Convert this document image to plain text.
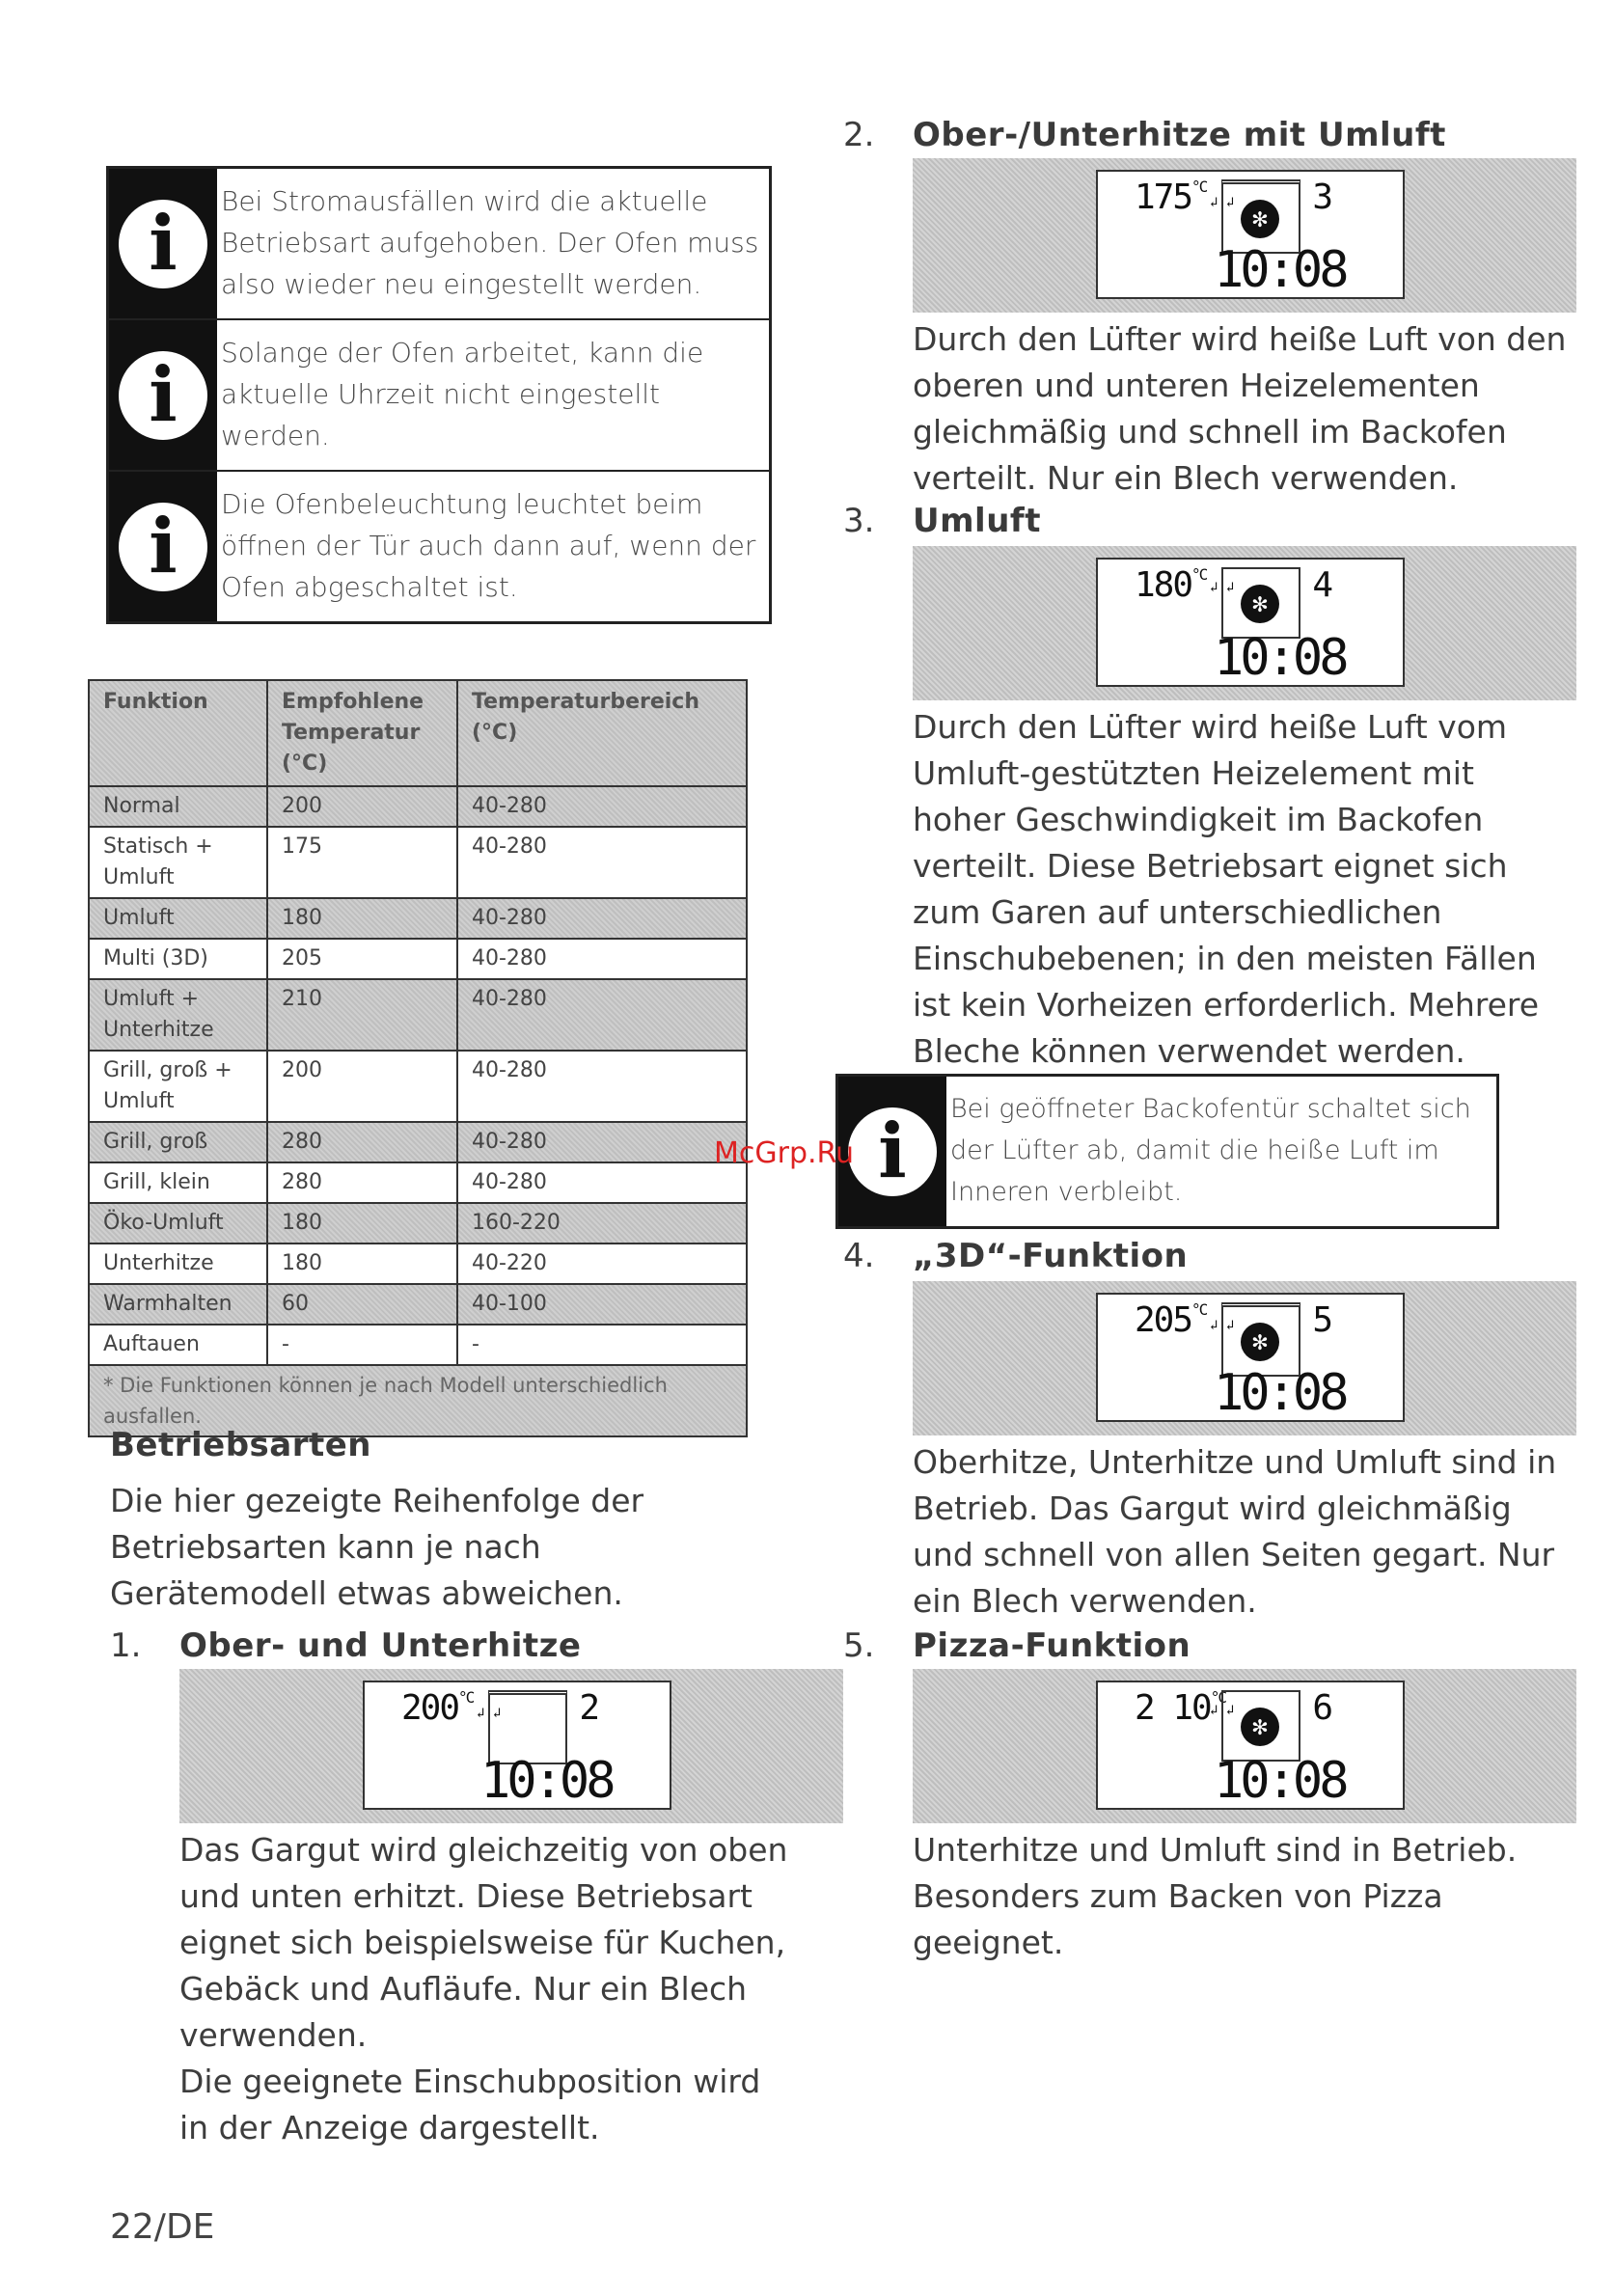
i	Bei Stromausfällen wird die aktuelle Betriebsart aufgehoben. Der Ofen muss also wieder neu eingestellt werden.
i	Solange der Ofen arbeitet, kann die aktuelle Uhrzeit nicht eingestellt werden.
i	Die Ofenbeleuchtung leuchtet beim öffnen der Tür auch dann auf, wenn der Ofen abgeschaltet ist.
Funktion	Empfohlene Temperatur (°C)	Temperaturbereich (°C)
Normal	200	40-280
Statisch + Umluft	175	40-280
Umluft	180	40-280
Multi (3D)	205	40-280
Umluft + Unterhitze	210	40-280
Grill, groß + Umluft	200	40-280
Grill, groß	280	40-280
Grill, klein	280	40-280
Öko-Umluft	180	160-220
Unterhitze	180	40-220
Warmhalten	60	40-100
Auftauen	-	-
* Die Funktionen können je nach Modell unterschiedlich ausfallen.		
Betriebsarten
Die hier gezeigte Reihenfolge der Betriebsarten kann je nach Gerätemodell etwas abweichen.
1. Ober- und Unterhitze
$200^{^\circ C}$
↲ ↲ 2
10:08
Das Gargut wird gleichzeitig von oben und unten erhitzt. Diese Betriebsart eignet sich beispielsweise für Kuchen, Gebäck und Aufläufe. Nur ein Blech verwenden.
Die geeignete Einschubposition wird in der Anzeige dargestellt.
2. Ober-/Unterhitze mit Umluft
$175^{^\circ C}$
↲ ↲
✻
3
10:08
Durch den Lüfter wird heiße Luft von den oberen und unteren Heizelementen gleichmäßig und schnell im Backofen verteilt. Nur ein Blech verwenden.
3. Umluft
$180^{^\circ C}$
↲ ↲
✻	4
10:08
Durch den Lüfter wird heiße Luft vom Umluft-gestützten Heizelement mit hoher Geschwindigkeit im Backofen verteilt. Diese Betriebsart eignet sich zum Garen auf unterschiedlichen Einschubebenen; in den meisten Fällen ist kein Vorheizen erforderlich. Mehrere Bleche können verwendet werden.
i	Bei geöffneter Backofentür schaltet sich der Lüfter ab, damit die heiße Luft im Inneren verbleibt.
McGrp.Ru
4. „3D“-Funktion
$205^{^\circ C}$
↲ ↲
✻
5
10:08
Oberhitze, Unterhitze und Umluft sind in Betrieb. Das Gargut wird gleichmäßig und schnell von allen Seiten gegart. Nur ein Blech verwenden.
5. Pizza-Funktion
2 $10^{^\circ C}$
↲ ↲
✻	6
10:08
Unterhitze und Umluft sind in Betrieb. Besonders zum Backen von Pizza geeignet.
22/DE
